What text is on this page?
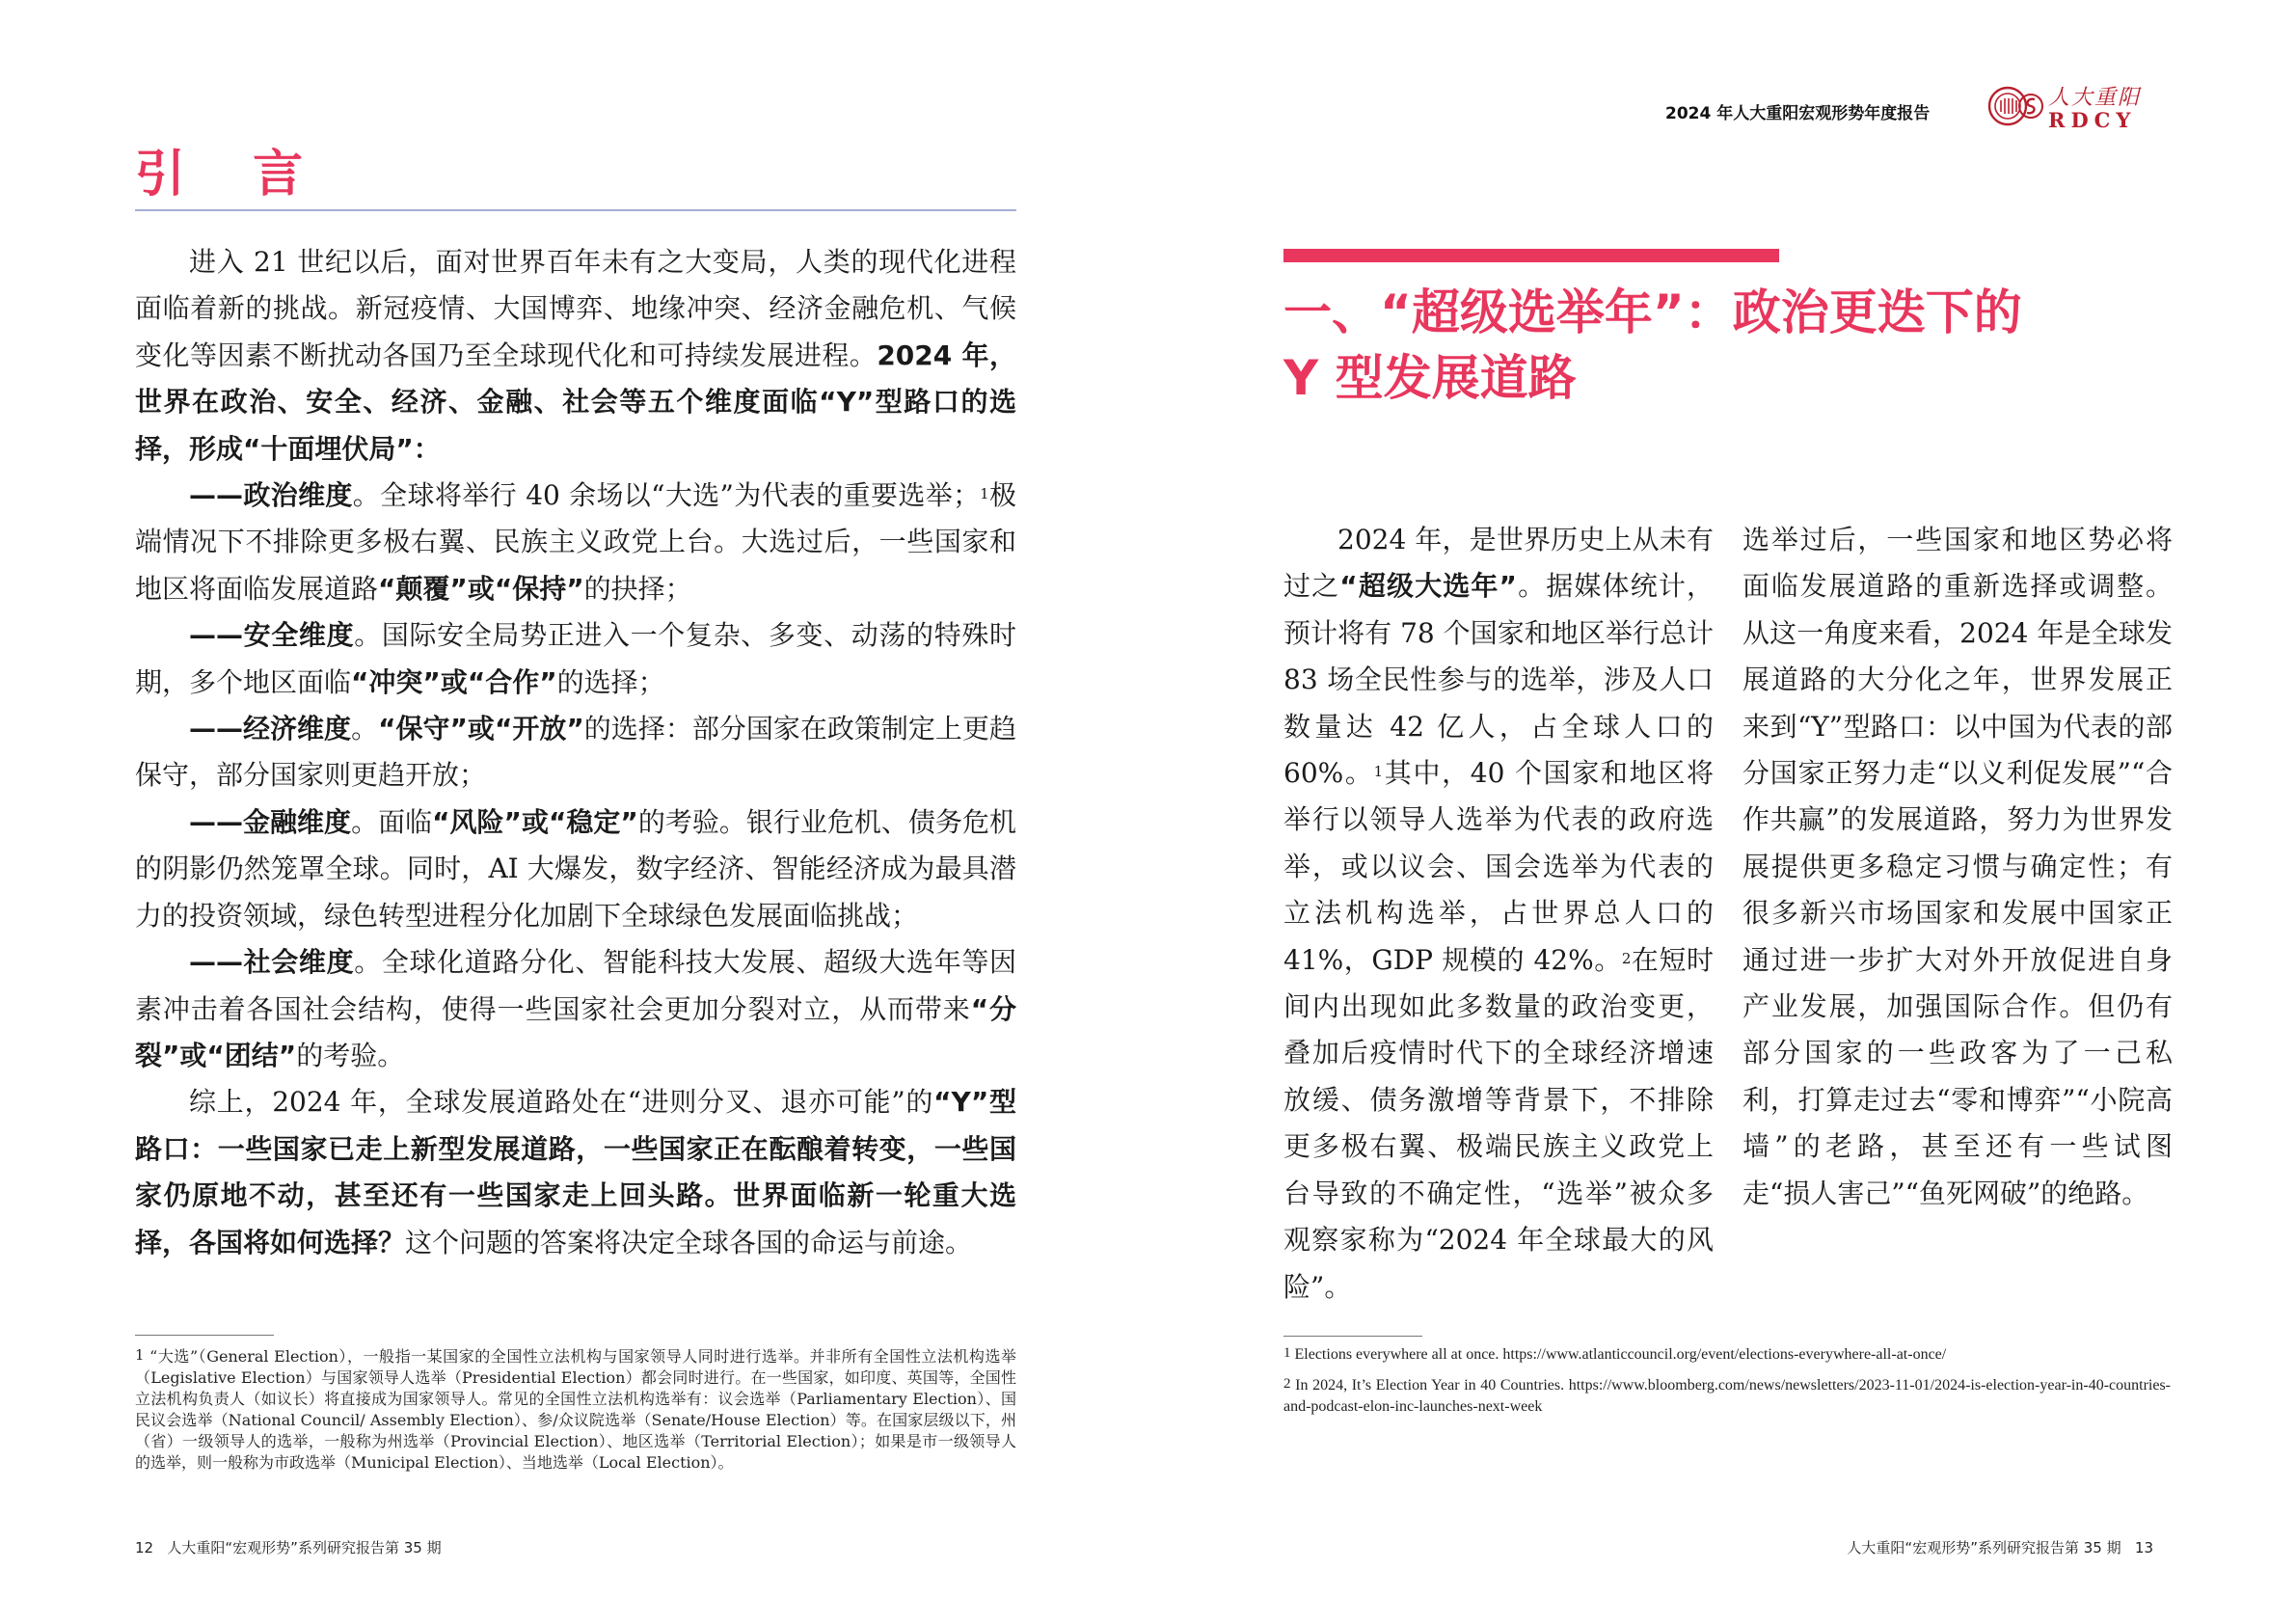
引 言

进入 21 世纪以后，面对世界百年未有之大变局，人类的现代化进程面临着新的挑战。新冠疫情、大国博弈、地缘冲突、经济金融危机、气候变化等因素不断扰动各国乃至全球现代化和可持续发展进程。2024 年，世界在政治、安全、经济、金融、社会等五个维度面临“Y”型路口的选择，形成“十面埋伏局”：

——政治维度。全球将举行 40 余场以“大选”为代表的重要选举；$^1$极端情况下不排除更多极右翼、民族主义政党上台。大选过后，一些国家和地区将面临发展道路“颠覆”或“保持”的抉择；

——安全维度。国际安全局势正进入一个复杂、多变、动荡的特殊时期，多个地区面临“冲突”或“合作”的选择；

——经济维度。“保守”或“开放”的选择：部分国家在政策制定上更趋保守，部分国家则更趋开放；

——金融维度。面临“风险”或“稳定”的考验。银行业危机、债务危机的阴影仍然笼罩全球。同时，AI 大爆发，数字经济、智能经济成为最具潜力的投资领域，绿色转型进程分化加剧下全球绿色发展面临挑战；

——社会维度。全球化道路分化、智能科技大发展、超级大选年等因素冲击着各国社会结构，使得一些国家社会更加分裂对立，从而带来“分裂”或“团结”的考验。

综上，2024 年，全球发展道路处在“进则分叉、退亦可能”的“Y”型路口：一些国家已走上新型发展道路，一些国家正在酝酿着转变，一些国家仍原地不动，甚至还有一些国家走上回头路。世界面临新一轮重大选择，各国将如何选择？这个问题的答案将决定全球各国的命运与前途。

$^1$ “大选”（General Election），一般指一某国家的全国性立法机构与国家领导人同时进行选举。并非所有全国性立法机构选举（Legislative Election）与国家领导人选举（Presidential Election）都会同时进行。在一些国家，如印度、英国等，全国性立法机构负责人（如议长）将直接成为国家领导人。常见的全国性立法机构选举有：议会选举（Parliamentary Election）、国民议会选举（National Council/ Assembly Election）、参/众议院选举（Senate/House Election）等。在国家层级以下，州（省）一级领导人的选举，一般称为州选举（Provincial Election）、地区选举（Territorial Election）；如果是市一级领导人的选举，则一般称为市政选举（Municipal Election）、当地选举（Local Election）。
12 人大重阳“宏观形势”系列研究报告第 35 期
2024 年人大重阳宏观形势年度报告
人大重阳
RDCY
一、“超级选举年”：政治更迭下的
Y 型发展道路

2024 年，是世界历史上从未有过之“超级大选年”。据媒体统计，预计将有 78 个国家和地区举行总计 83 场全民性参与的选举，涉及人口数量达 42 亿人，占全球人口的 60%。$^1$其中，40 个国家和地区将举行以领导人选举为代表的政府选举，或以议会、国会选举为代表的立法机构选举，占世界总人口的 41%，GDP 规模的 42%。$^2$在短时间内出现如此多数量的政治变更，叠加后疫情时代下的全球经济增速放缓、债务激增等背景下，不排除更多极右翼、极端民族主义政党上台导致的不确定性，“选举”被众多观察家称为“2024 年全球最大的风险”。

选举过后，一些国家和地区势必将面临发展道路的重新选择或调整。从这一角度来看，2024 年是全球发展道路的大分化之年，世界发展正来到“Y”型路口：以中国为代表的部分国家正努力走“以义利促发展”“合作共赢”的发展道路，努力为世界发展提供更多稳定习惯与确定性；有很多新兴市场国家和发展中国家正通过进一步扩大对外开放促进自身产业发展，加强国际合作。但仍有部分国家的一些政客为了一己私利，打算走过去“零和博弈”“小院高墙”的老路，甚至还有一些试图走“损人害己”“鱼死网破”的绝路。

$^1$ Elections everywhere all at once. https://www.atlanticcouncil.org/event/elections-everywhere-all-at-once/
$^2$ In 2024, It’s Election Year in 40 Countries. https://www.bloomberg.com/news/newsletters/2023-11-01/2024-is-election-year-in-40-countries-and-podcast-elon-inc-launches-next-week
人大重阳“宏观形势”系列研究报告第 35 期 13
